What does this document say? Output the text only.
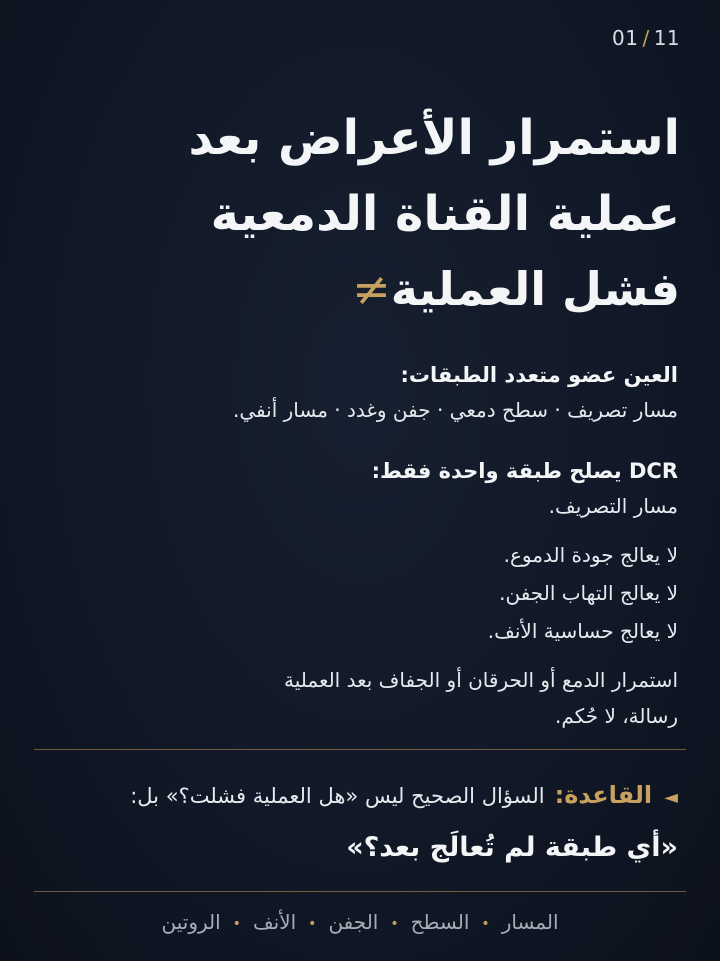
01 / 11
استمرار الأعراض بعد
عملية القناة الدمعية
فشل العملية≠
العين عضو متعدد الطبقات:
مسار تصريف · سطح دمعي · جفن وغدد · مسار أنفي.
DCR يصلح طبقة واحدة فقط:
مسار التصريف.
لا يعالج جودة الدموع.
لا يعالج التهاب الجفن.
لا يعالج حساسية الأنف.
استمرار الدمع أو الحرقان أو الجفاف بعد العملية
رسالة، لا حُكم.
◄القاعدة:السؤال الصحيح ليس «هل العملية فشلت؟» بل:
«أي طبقة لم تُعالَج بعد؟»
المسار•السطح•الجفن•الأنف•الروتين
